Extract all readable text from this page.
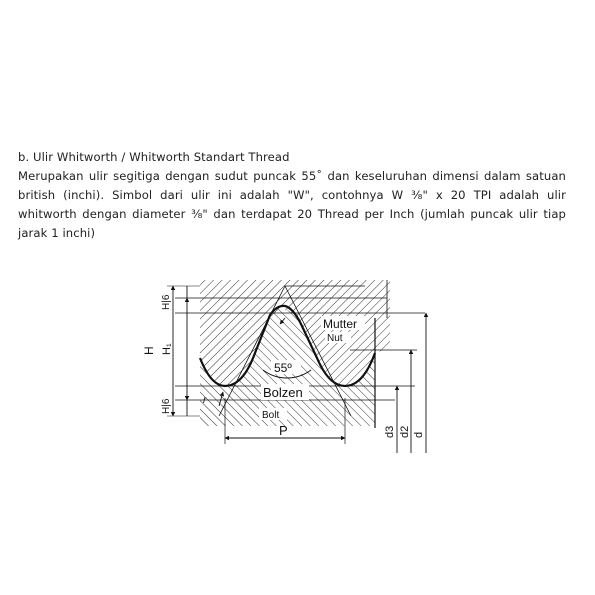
b. Ulir Whitworth / Whitworth Standart Thread
Merupakan ulir segitiga dengan sudut puncak 55˚ dan keseluruhan dimensi dalam satuan british (inchi). Simbol dari ulir ini adalah "W", contohnya W ⅜" x 20 TPI adalah ulir whitworth dengan diameter ⅜" dan terdapat 20 Thread per Inch (jumlah puncak ulir tiap jarak 1 inchi)
Mutter
Nut
55º
Bolzen
Bolt
P
H H₁
H|6
H|6	r
d
d2
d3
